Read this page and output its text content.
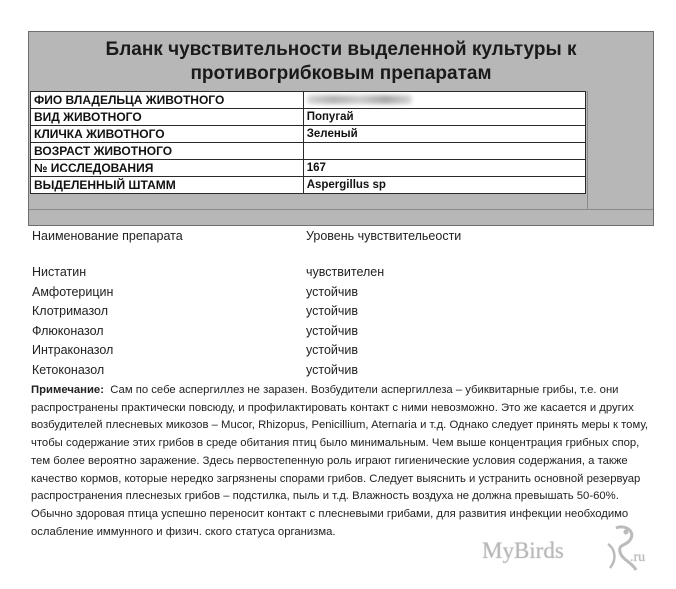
Бланк чувствительности выделенной культуры к
противогрибковым препаратам
ФИО ВЛАДЕЛЬЦА ЖИВОТНОГО	
ВИД ЖИВОТНОГО	Попугай
КЛИЧКА ЖИВОТНОГО	Зеленый
ВОЗРАСТ ЖИВОТНОГО	
№ ИССЛЕДОВАНИЯ	167
ВЫДЕЛЕННЫЙ ШТАММ	Aspergillus sp
Наименование препарата	Уровень чувствительеости
Нистатин	чувствителен
Амфотерицин	устойчив
Клотримазол	устойчив
Флюконазол	устойчив
Интраконазол	устойчив
Кетоконазол	устойчив

Примечание: Сам по себе аспергиллез не заразен. Возбудители аспергиллеза – убиквитарные грибы, т.е. они распространены практически повсюду, и профилактировать контакт с ними невозможно. Это же касается и других возбудителей плесневых микозов – Mucor, Rhizopus, Penicillium, Aternaria и т.д. Однако следует принять меры к тому, чтобы содержание этих грибов в среде обитания птиц было минимальным. Чем выше концентрация грибных спор, тем более вероятно заражение. Здесь первостепенную роль играют гигиенические условия содержания, а также качество кормов, которые нередко загрязнены спорами грибов. Следует выяснить и устранить основной резервуар распространения плеснезых грибов – подстилка, пыль и т.д. Влажность воздуха не должна превышать 50-60%. Обычно здоровая птица успешно переносит контакт с плесневыми грибами, для развития инфекции необходимо ослабление иммунного и физич. ского статуса организма.

MyBirds	.ru
